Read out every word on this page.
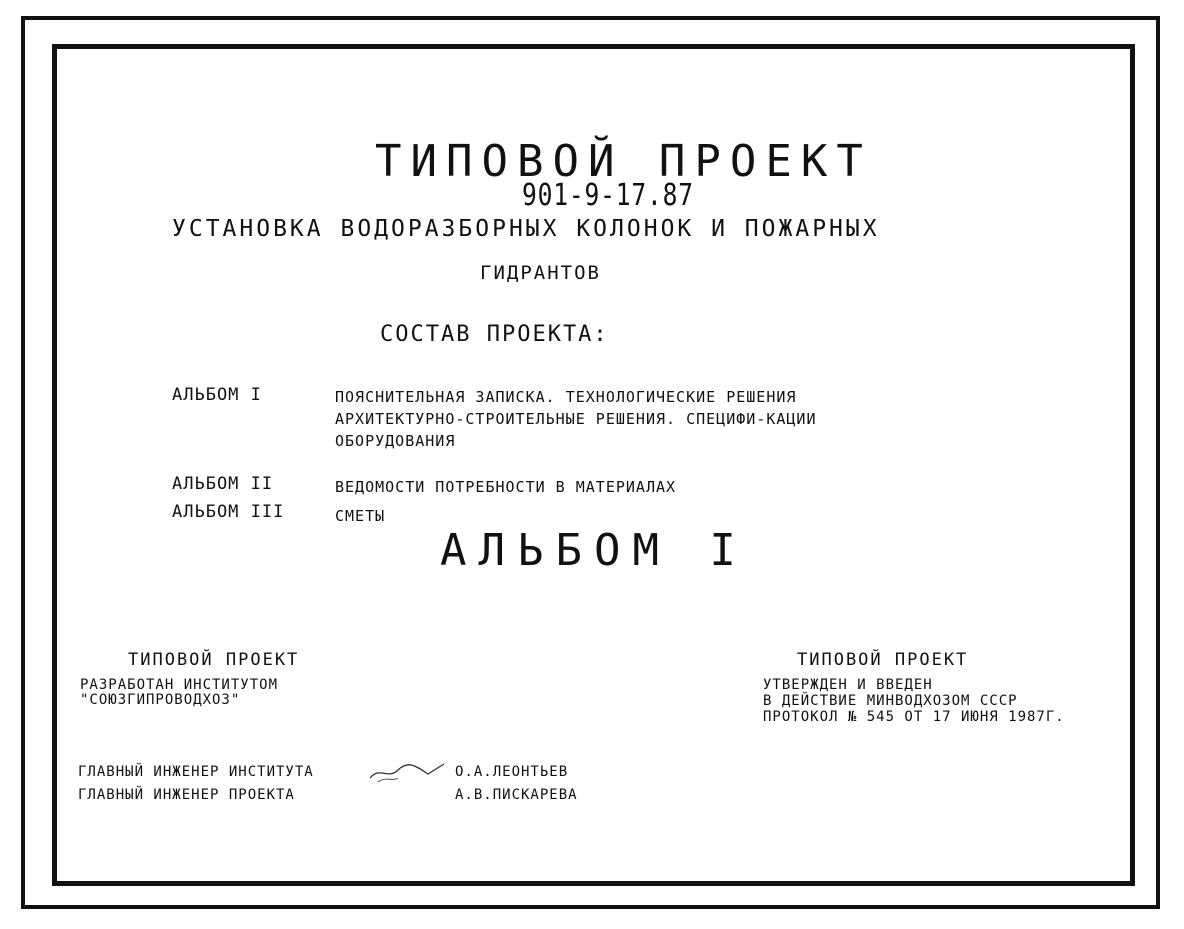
ТИПОВОЙ ПРОЕКТ
901-9-17.87
УСТАНОВКА ВОДОРАЗБОРНЫХ КОЛОНОК И ПОЖАРНЫХ
ГИДРАНТОВ
СОСТАВ ПРОЕКТА:
АЛЬБОМ I	ПОЯСНИТЕЛЬНАЯ ЗАПИСКА. ТЕХНОЛОГИЧЕСКИЕ РЕШЕНИЯ АРХИТЕКТУРНО-СТРОИТЕЛЬНЫЕ РЕШЕНИЯ. СПЕЦИФИ-КАЦИИ ОБОРУДОВАНИЯ
АЛЬБОМ II	ВЕДОМОСТИ ПОТРЕБНОСТИ В МАТЕРИАЛАХ
АЛЬБОМ III	СМЕТЫ
АЛЬБОМ I
ТИПОВОЙ ПРОЕКТ
РАЗРАБОТАН ИНСТИТУТОМ
"СОЮЗГИПРОВОДХОЗ"
ТИПОВОЙ ПРОЕКТ
УТВЕРЖДЕН И ВВЕДЕН
В ДЕЙСТВИЕ МИНВОДХОЗОМ СССР
ПРОТОКОЛ № 545 ОТ 17 ИЮНЯ 1987Г.
ГЛАВНЫЙ ИНЖЕНЕР ИНСТИТУТА	О.А.ЛЕОНТЬЕВ
ГЛАВНЫЙ ИНЖЕНЕР ПРОЕКТА	А.В.ПИСКАРЕВА
